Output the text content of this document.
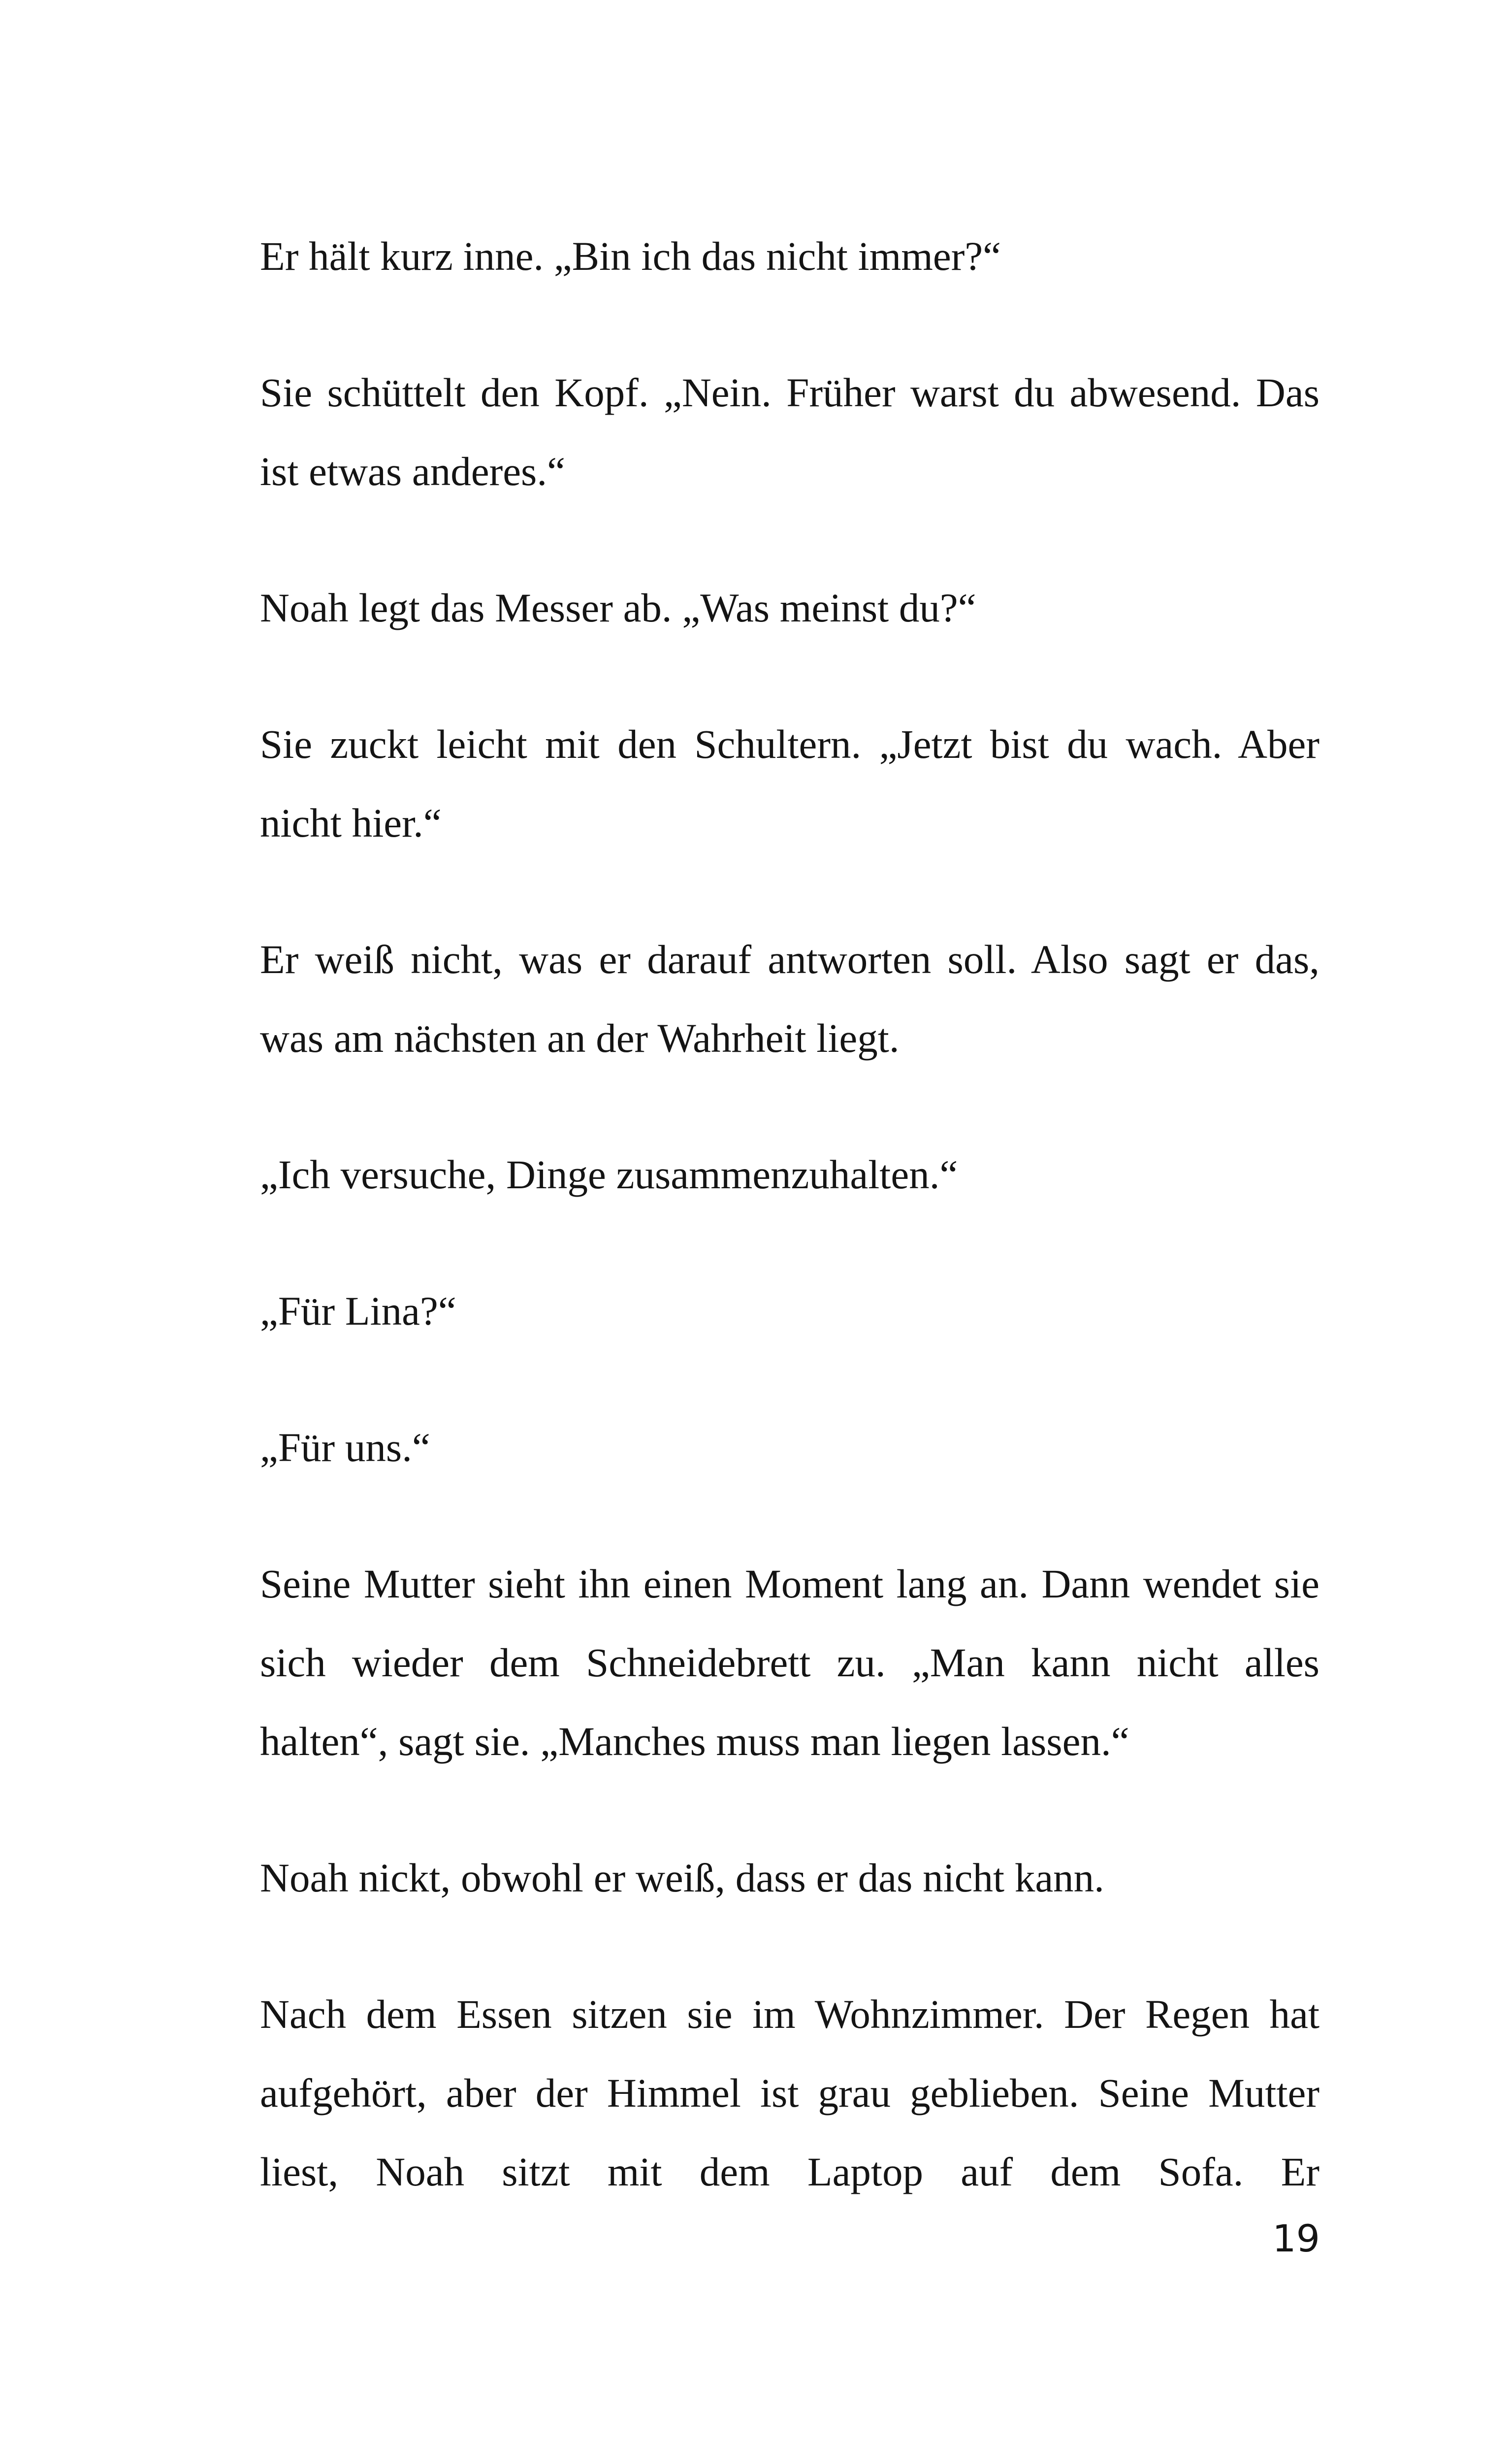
Er hält kurz inne. „Bin ich das nicht immer?“

Sie schüttelt den Kopf. „Nein. Früher warst du abwesend. Das ist etwas anderes.“

Noah legt das Messer ab. „Was meinst du?“

Sie zuckt leicht mit den Schultern. „Jetzt bist du wach. Aber nicht hier.“

Er weiß nicht, was er darauf antworten soll. Also sagt er das, was am nächsten an der Wahrheit liegt.

„Ich versuche, Dinge zusammenzuhalten.“

„Für Lina?“

„Für uns.“

Seine Mutter sieht ihn einen Moment lang an. Dann wendet sie sich wieder dem Schneidebrett zu. „Man kann nicht alles halten“, sagt sie. „Manches muss man liegen lassen.“

Noah nickt, obwohl er weiß, dass er das nicht kann.

Nach dem Essen sitzen sie im Wohnzimmer. Der Regen hat aufgehört, aber der Himmel ist grau geblieben. Seine Mutter liest, Noah sitzt mit dem Laptop auf dem Sofa. Er

19
